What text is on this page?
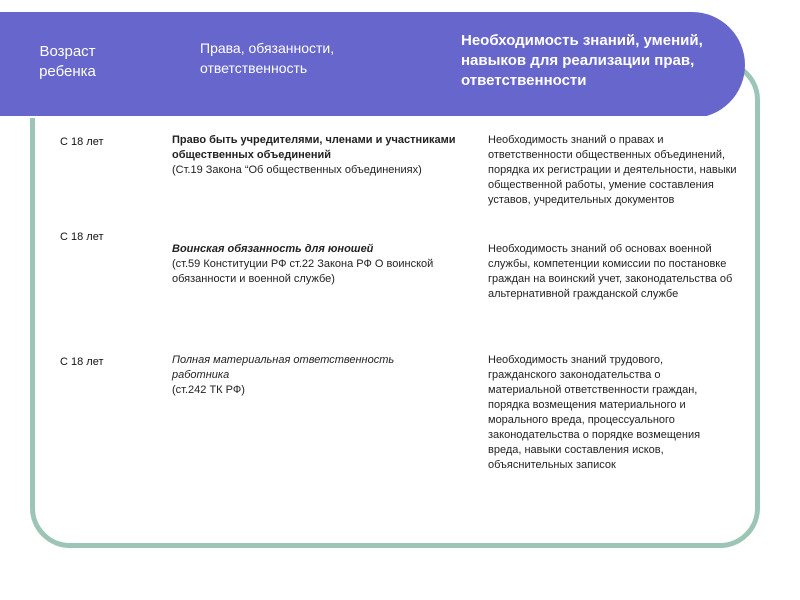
Возраст ребенка
Права, обязанности, ответственность
Необходимость знаний, умений, навыков для реализации прав, ответственности
С 18 лет	Право быть учредителями, членами и участниками общественных объединений
(Ст.19 Закона “Об общественных объединениях)
Необходимость знаний о правах и ответственности общественных объединений, порядка их регистрации и деятельности, навыки общественной работы, умение составления уставов, учредительных документов
С 18 лет
Воинская обязанность для юношей
(ст.59 Конституции РФ ст.22 Закона РФ О воинской обязанности и военной службе)
Необходимость знаний об основах военной службы, компетенции комиссии по постановке граждан на воинский учет, законодательства об альтернативной гражданской службе
С 18 лет	Полная материальная ответственность работника
(ст.242 ТК РФ)
Необходимость знаний трудового, гражданского законодательства о материальной ответственности граждан, порядка возмещения материального и морального вреда, процессуального законодательства о порядке возмещения вреда, навыки составления исков, объяснительных записок
